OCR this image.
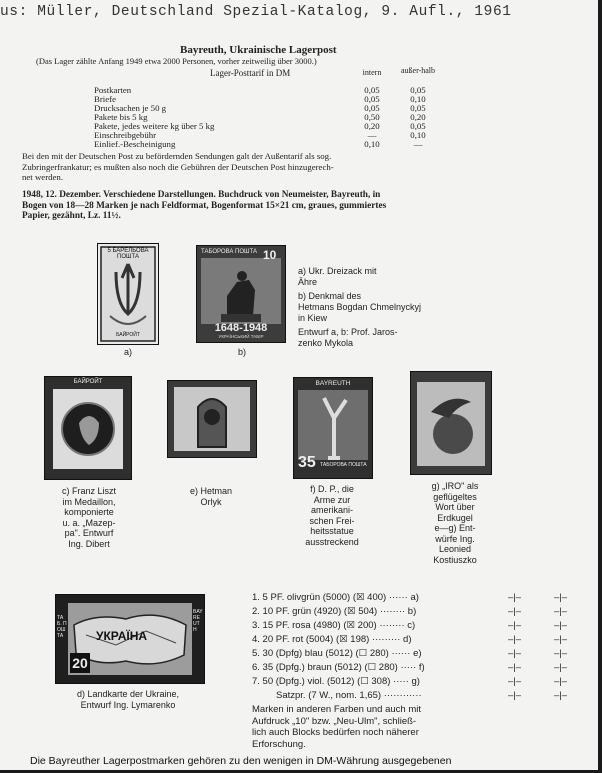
us: Müller, Deutschland Spezial-Katalog, 9. Aufl., 1961
Bayreuth, Ukrainische Lagerpost
(Das Lager zählte Anfang 1949 etwa 2000 Personen, vorher zeitweilig über 3000.)
Lager-Posttarif in DM	intern	außer-halb
Postkarten	0,05	0,05
Briefe	0,05	0,10
Drucksachen je 50 g	0,05	0,05
Pakete bis 5 kg	0,50	0,20
Pakete, jedes weitere kg über 5 kg	0,20	0,05
Einschreibgebühr	—	0,10
Einlief.-Bescheinigung	0,10	—
Bei den mit der Deutschen Post zu befördernden Sendungen galt der Außentarif als sog.
Zubringerfrankatur; es mußten also noch die Gebühren der Deutschen Post hinzugerech-
net werden.
1948, 12. Dezember. Verschiedene Darstellungen. Buchdruck von Neumeister, Bayreuth, in
Bogen von 18—28 Marken je nach Feldformat, Bogenformat 15×21 cm, graues, gummiertes
Papier, gezähnt, Lz. 11½.
5 БАРЕЛЬОВА ПОШТА
БАЙРОЙТ
a)
ТАБОРОВА ПОШТА 10
1648-1948
УКРАЇНСЬКИЙ ТАБІР
b)
a) Ukr. Dreizack mit Ähre
b) Denkmal des
Hetmans Bogdan Chmelnyckyj
in Kiew
Entwurf a, b: Prof. Jaros-
zenko Mykola
БАЙРОЙТ
c) Franz Liszt
im Medaillon,
komponierte
u. a. „Mazep-
pa". Entwurf
Ing. Dibert
e) Hetman
Orlyk
BAYREUTH
35 ТАБОРОВА ПОШТА
f) D. P., die
Arme zur
amerikani-
schen Frei-
heitsstatue
ausstreckend
g) „IRO" als
geflügeltes
Wort über
Erdkugel
e—g) Ent-
würfe Ing.
Leonied
Kostiuszko
УКРАЇНА
20
ТАБ. ПОШТА
BAYREUTH
d) Landkarte der Ukraine,
Entwurf Ing. Lymarenko
1. 5 PF. olivgrün (5000) (☒ 400) ······ a)	–|–	–|–
2. 10 PF. grün (4920) (☒ 504) ········ b)	–|–	–|–
3. 15 PF. rosa (4980) (☒ 200) ········ c)	–|–	–|–
4. 20 PF. rot (5004) (☒ 198) ········· d)	–|–	–|–
5. 30 (Dpfg) blau (5012) (☐ 280) ······ e)	–|–	–|–
6. 35 (Dpfg.) braun (5012) (☐ 280) ····· f)	–|–	–|–
7. 50 (Dpfg.) viol. (5012) (☐ 308) ····· g)	–|–	–|–
Satzpr. (7 W., nom. 1,65) ············	–|–	–|–
Marken in anderen Farben und auch mit
Aufdruck „10" bzw. „Neu-Ulm", schließ-
lich auch Blocks bedürfen noch näherer
Erforschung.
Die Bayreuther Lagerpostmarken gehören zu den wenigen in DM-Währung ausgegebenen
